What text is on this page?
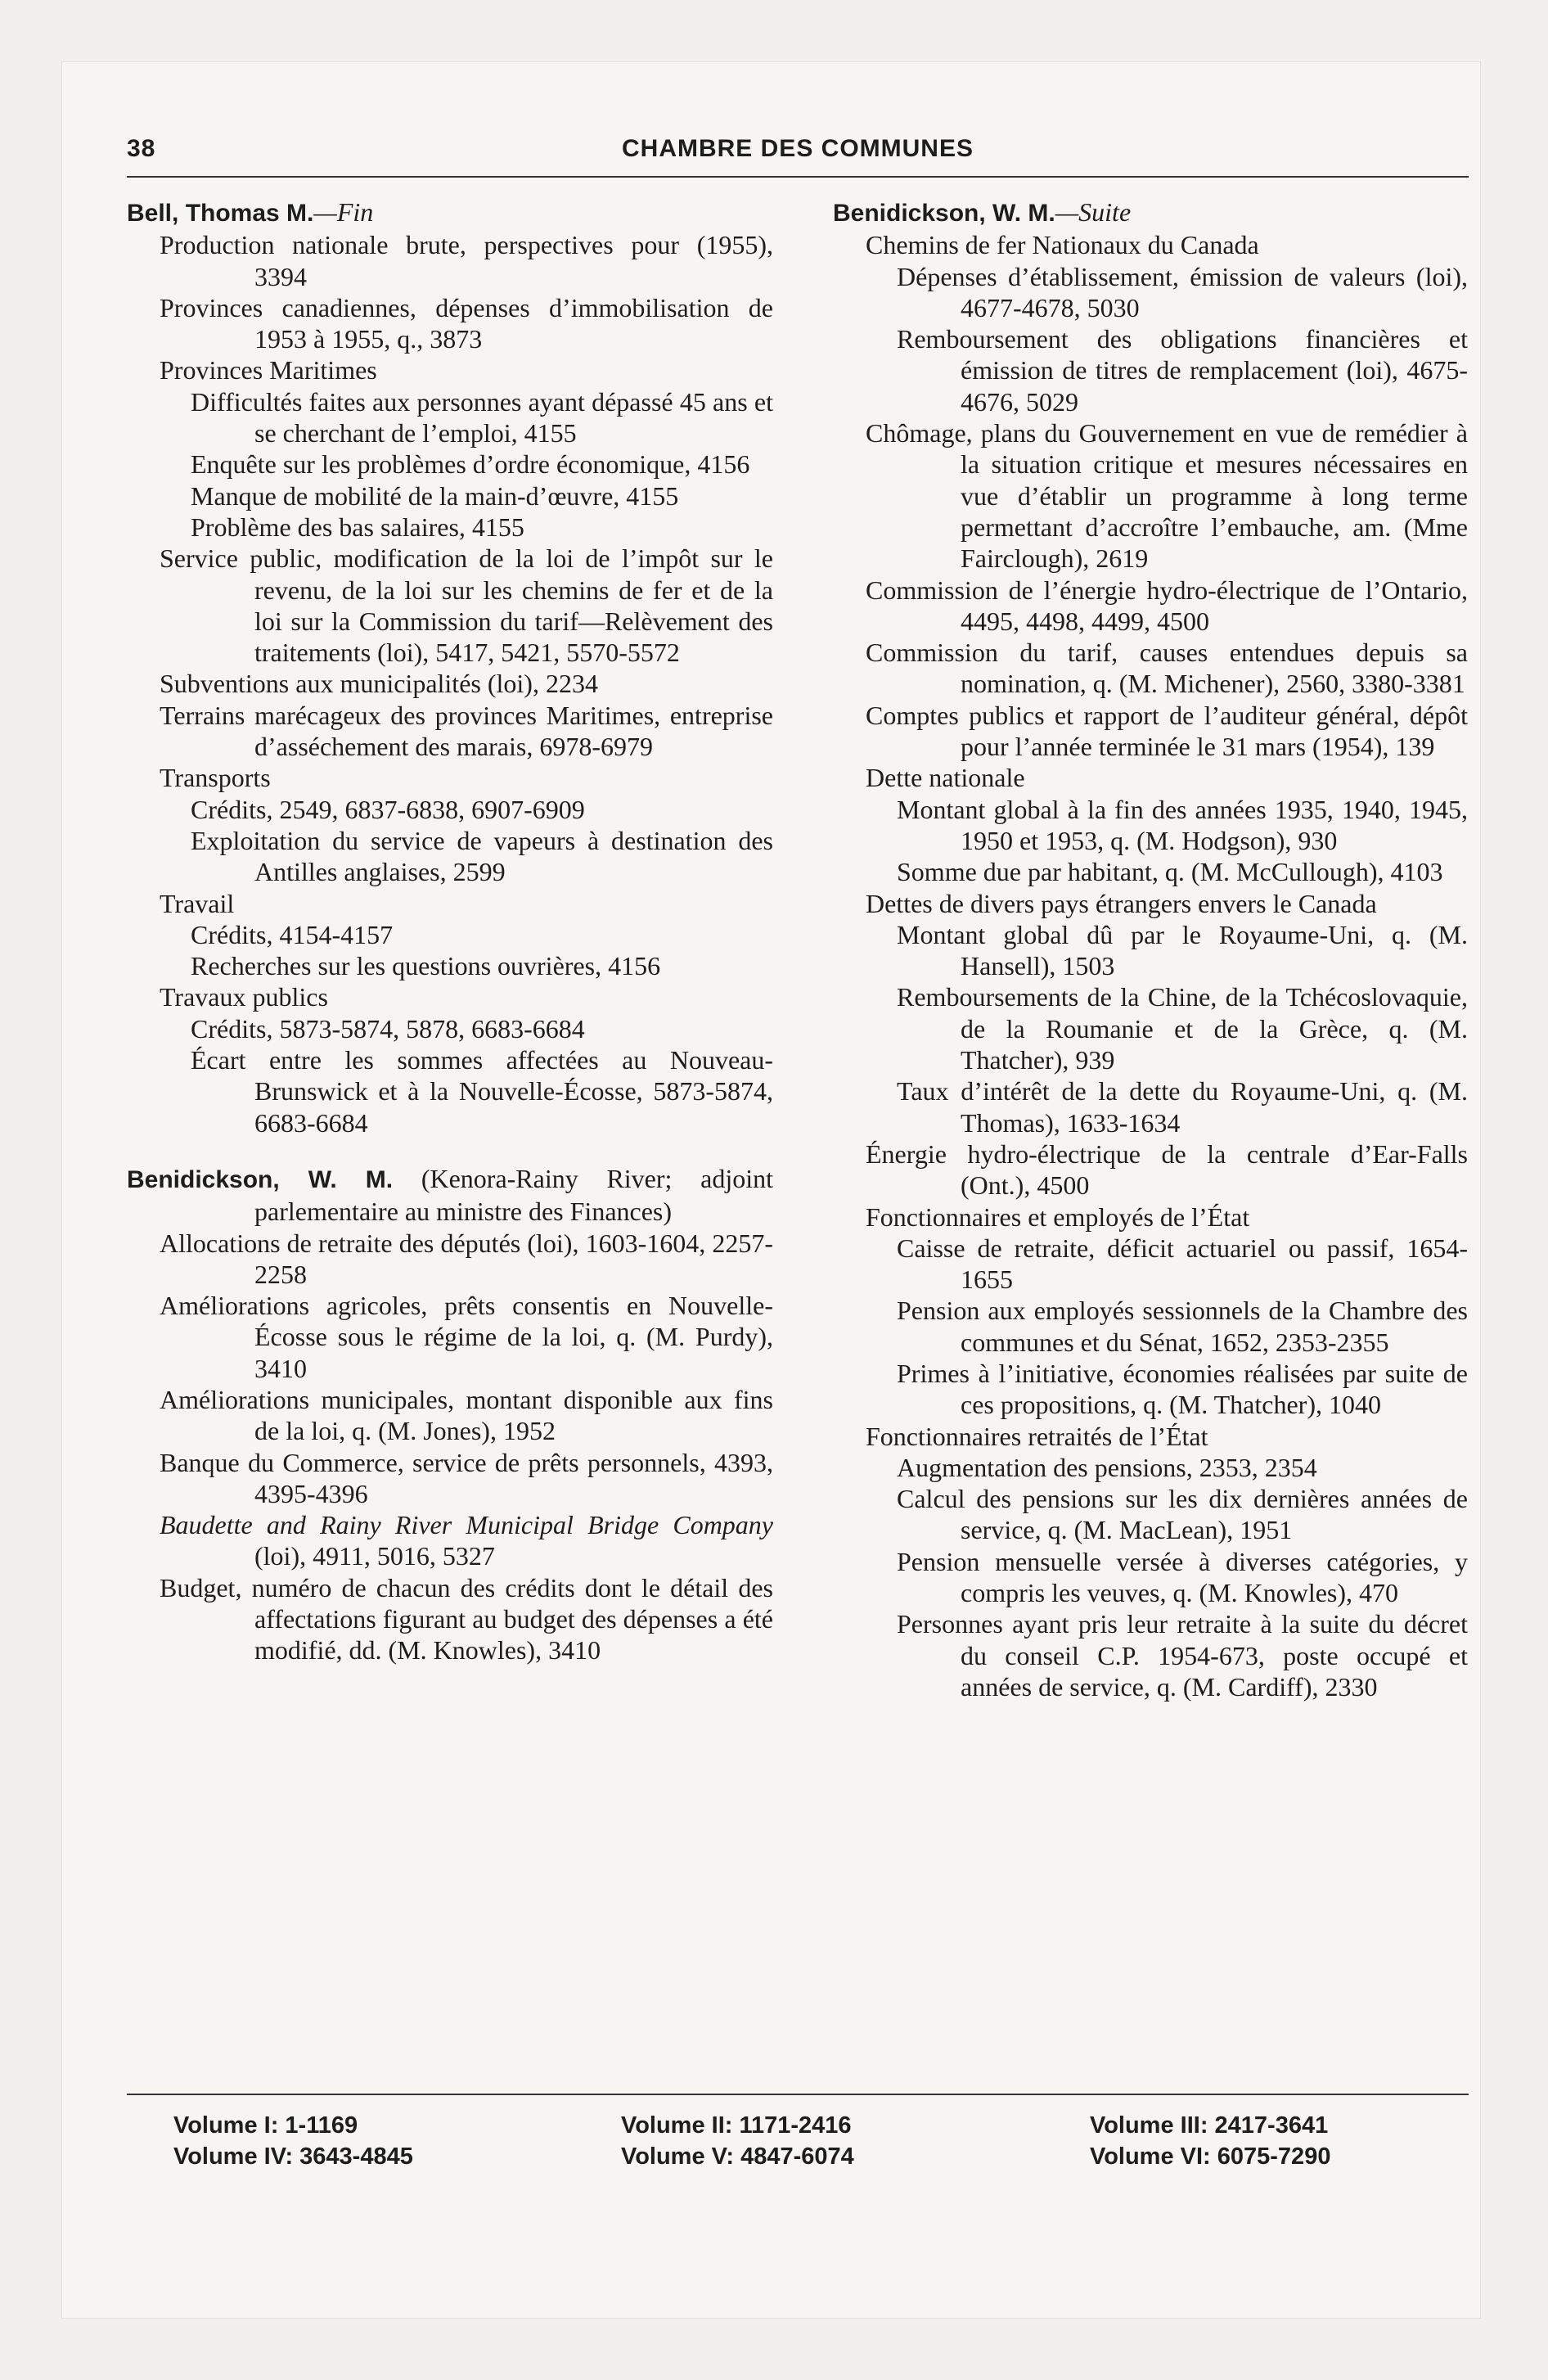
38	CHAMBRE DES COMMUNES

Bell, Thomas M.—Fin

Production nationale brute, perspectives pour (1955), 3394

Provinces canadiennes, dépenses d’immobilisation de 1953 à 1955, q., 3873

Provinces Maritimes

Difficultés faites aux personnes ayant dépassé 45 ans et se cherchant de l’emploi, 4155

Enquête sur les problèmes d’ordre économique, 4156

Manque de mobilité de la main-d’œuvre, 4155

Problème des bas salaires, 4155

Service public, modification de la loi de l’impôt sur le revenu, de la loi sur les chemins de fer et de la loi sur la Commission du tarif—Relèvement des traitements (loi), 5417, 5421, 5570-5572

Subventions aux municipalités (loi), 2234

Terrains marécageux des provinces Maritimes, entreprise d’asséchement des marais, 6978-6979

Transports

Crédits, 2549, 6837-6838, 6907-6909

Exploitation du service de vapeurs à destination des Antilles anglaises, 2599

Travail

Crédits, 4154-4157

Recherches sur les questions ouvrières, 4156

Travaux publics

Crédits, 5873-5874, 5878, 6683-6684

Écart entre les sommes affectées au Nouveau-Brunswick et à la Nouvelle-Écosse, 5873-5874, 6683-6684

Benidickson, W. M. (Kenora-Rainy River; adjoint parlementaire au ministre des Finances)

Allocations de retraite des députés (loi), 1603-1604, 2257-2258

Améliorations agricoles, prêts consentis en Nouvelle-Écosse sous le régime de la loi, q. (M. Purdy), 3410

Améliorations municipales, montant disponible aux fins de la loi, q. (M. Jones), 1952

Banque du Commerce, service de prêts personnels, 4393, 4395-4396

Baudette and Rainy River Municipal Bridge Company (loi), 4911, 5016, 5327

Budget, numéro de chacun des crédits dont le détail des affectations figurant au budget des dépenses a été modifié, dd. (M. Knowles), 3410

Benidickson, W. M.—Suite

Chemins de fer Nationaux du Canada

Dépenses d’établissement, émission de valeurs (loi), 4677-4678, 5030

Remboursement des obligations financières et émission de titres de remplacement (loi), 4675-4676, 5029

Chômage, plans du Gouvernement en vue de remédier à la situation critique et mesures nécessaires en vue d’établir un programme à long terme permettant d’accroître l’embauche, am. (Mme Fairclough), 2619

Commission de l’énergie hydro-électrique de l’Ontario, 4495, 4498, 4499, 4500

Commission du tarif, causes entendues depuis sa nomination, q. (M. Michener), 2560, 3380-3381

Comptes publics et rapport de l’auditeur général, dépôt pour l’année terminée le 31 mars (1954), 139

Dette nationale

Montant global à la fin des années 1935, 1940, 1945, 1950 et 1953, q. (M. Hodgson), 930

Somme due par habitant, q. (M. McCullough), 4103

Dettes de divers pays étrangers envers le Canada

Montant global dû par le Royaume-Uni, q. (M. Hansell), 1503

Remboursements de la Chine, de la Tchécoslovaquie, de la Roumanie et de la Grèce, q. (M. Thatcher), 939

Taux d’intérêt de la dette du Royaume-Uni, q. (M. Thomas), 1633-1634

Énergie hydro-électrique de la centrale d’Ear-Falls (Ont.), 4500

Fonctionnaires et employés de l’État

Caisse de retraite, déficit actuariel ou passif, 1654-1655

Pension aux employés sessionnels de la Chambre des communes et du Sénat, 1652, 2353-2355

Primes à l’initiative, économies réalisées par suite de ces propositions, q. (M. Thatcher), 1040

Fonctionnaires retraités de l’État

Augmentation des pensions, 2353, 2354

Calcul des pensions sur les dix dernières années de service, q. (M. MacLean), 1951

Pension mensuelle versée à diverses catégories, y compris les veuves, q. (M. Knowles), 470

Personnes ayant pris leur retraite à la suite du décret du conseil C.P. 1954-673, poste occupé et années de service, q. (M. Cardiff), 2330

Volume I: 1-1169
Volume IV: 3643-4845
Volume II: 1171-2416
Volume V: 4847-6074
Volume III: 2417-3641
Volume VI: 6075-7290
